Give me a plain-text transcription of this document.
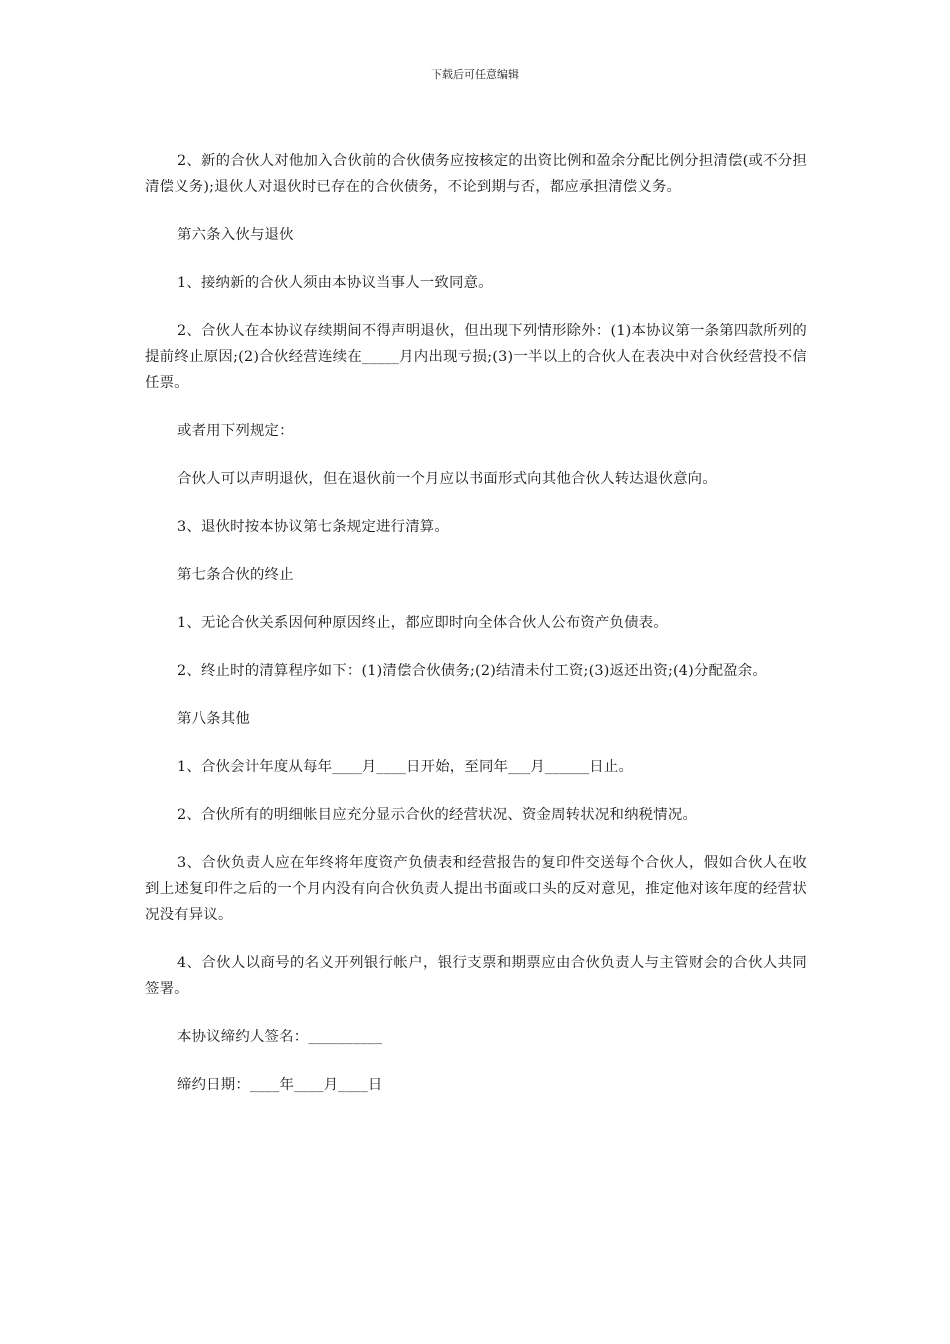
下载后可任意编辑

2、新的合伙人对他加入合伙前的合伙债务应按核定的出资比例和盈余分配比例分担清偿(或不分担清偿义务);退伙人对退伙时已存在的合伙债务，不论到期与否，都应承担清偿义务。

第六条入伙与退伙

1、接纳新的合伙人须由本协议当事人一致同意。

2、合伙人在本协议存续期间不得声明退伙，但出现下列情形除外：(1)本协议第一条第四款所列的提前终止原因;(2)合伙经营连续在_____月内出现亏损;(3)一半以上的合伙人在表决中对合伙经营投不信任票。

或者用下列规定：

合伙人可以声明退伙，但在退伙前一个月应以书面形式向其他合伙人转达退伙意向。

3、退伙时按本协议第七条规定进行清算。

第七条合伙的终止

1、无论合伙关系因何种原因终止，都应即时向全体合伙人公布资产负债表。

2、终止时的清算程序如下：(1)清偿合伙债务;(2)结清未付工资;(3)返还出资;(4)分配盈余。

第八条其他

1、合伙会计年度从每年____月____日开始，至同年___月______日止。

2、合伙所有的明细帐目应充分显示合伙的经营状况、资金周转状况和纳税情况。

3、合伙负责人应在年终将年度资产负债表和经营报告的复印件交送每个合伙人，假如合伙人在收到上述复印件之后的一个月内没有向合伙负责人提出书面或口头的反对意见，推定他对该年度的经营状况没有异议。

4、合伙人以商号的名义开列银行帐户，银行支票和期票应由合伙负责人与主管财会的合伙人共同签署。

本协议缔约人签名：__________

缔约日期：____年____月____日
